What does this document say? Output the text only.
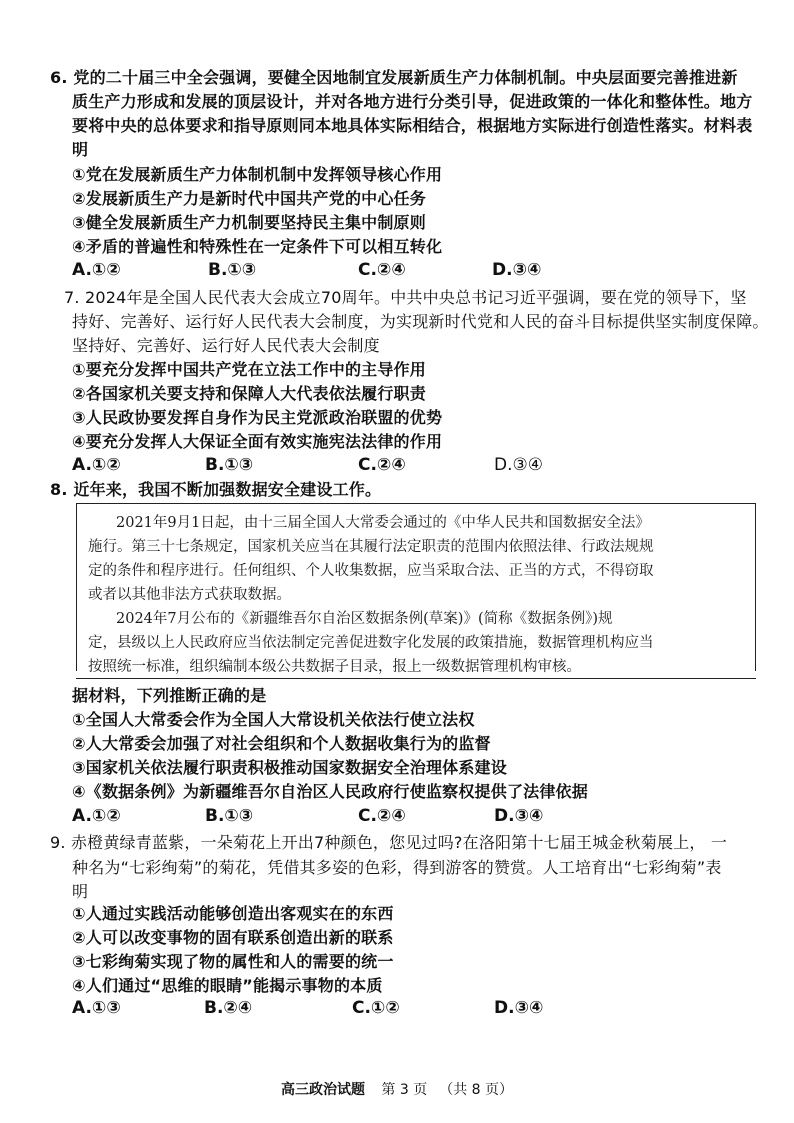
6. 党的二十届三中全会强调，要健全因地制宜发展新质生产力体制机制。中央层面要完善推进新
质生产力形成和发展的顶层设计，并对各地方进行分类引导，促进政策的一体化和整体性。地方
要将中央的总体要求和指导原则同本地具体实际相结合，根据地方实际进行创造性落实。材料表
明
①党在发展新质生产力体制机制中发挥领导核心作用
②发展新质生产力是新时代中国共产党的中心任务
③健全发展新质生产力机制要坚持民主集中制原则
④矛盾的普遍性和特殊性在一定条件下可以相互转化
A.①②	B.①③	C.②④	D.③④
7. 2024年是全国人民代表大会成立70周年。中共中央总书记习近平强调，要在党的领导下，坚
持好、完善好、运行好人民代表大会制度，为实现新时代党和人民的奋斗目标提供坚实制度保障。
坚持好、完善好、运行好人民代表大会制度
①要充分发挥中国共产党在立法工作中的主导作用
②各国家机关要支持和保障人大代表依法履行职责
③人民政协要发挥自身作为民主党派政治联盟的优势
④要充分发挥人大保证全面有效实施宪法法律的作用
A.①②	B.①③	C.②④	D.③④
8. 近年来，我国不断加强数据安全建设工作。
2021年9月1日起，由十三届全国人大常委会通过的《中华人民共和国数据安全法》
施行。第三十七条规定，国家机关应当在其履行法定职责的范围内依照法律、行政法规规
定的条件和程序进行。任何组织、个人收集数据，应当采取合法、正当的方式，不得窃取
或者以其他非法方式获取数据。
2024年7月公布的《新疆维吾尔自治区数据条例(草案)》(简称《数据条例》)规
定，县级以上人民政府应当依法制定完善促进数字化发展的政策措施，数据管理机构应当
按照统一标准，组织编制本级公共数据子目录，报上一级数据管理机构审核。
据材料，下列推断正确的是
①全国人大常委会作为全国人大常设机关依法行使立法权
②人大常委会加强了对社会组织和个人数据收集行为的监督
③国家机关依法履行职责积极推动国家数据安全治理体系建设
④《数据条例》为新疆维吾尔自治区人民政府行使监察权提供了法律依据
A.①②	B.①③	C.②④	D.③④
9. 赤橙黄绿青蓝紫，一朵菊花上开出7种颜色，您见过吗?在洛阳第十七届王城金秋菊展上， 一
种名为“七彩绚菊”的菊花，凭借其多姿的色彩，得到游客的赞赏。人工培育出“七彩绚菊”表
明
①人通过实践活动能够创造出客观实在的东西
②人可以改变事物的固有联系创造出新的联系
③七彩绚菊实现了物的属性和人的需要的统一
④人们通过“思维的眼睛”能揭示事物的本质
A.①③	B.②④	C.①②	D.③④
高三政治试题 第 3 页 （共 8 页）
